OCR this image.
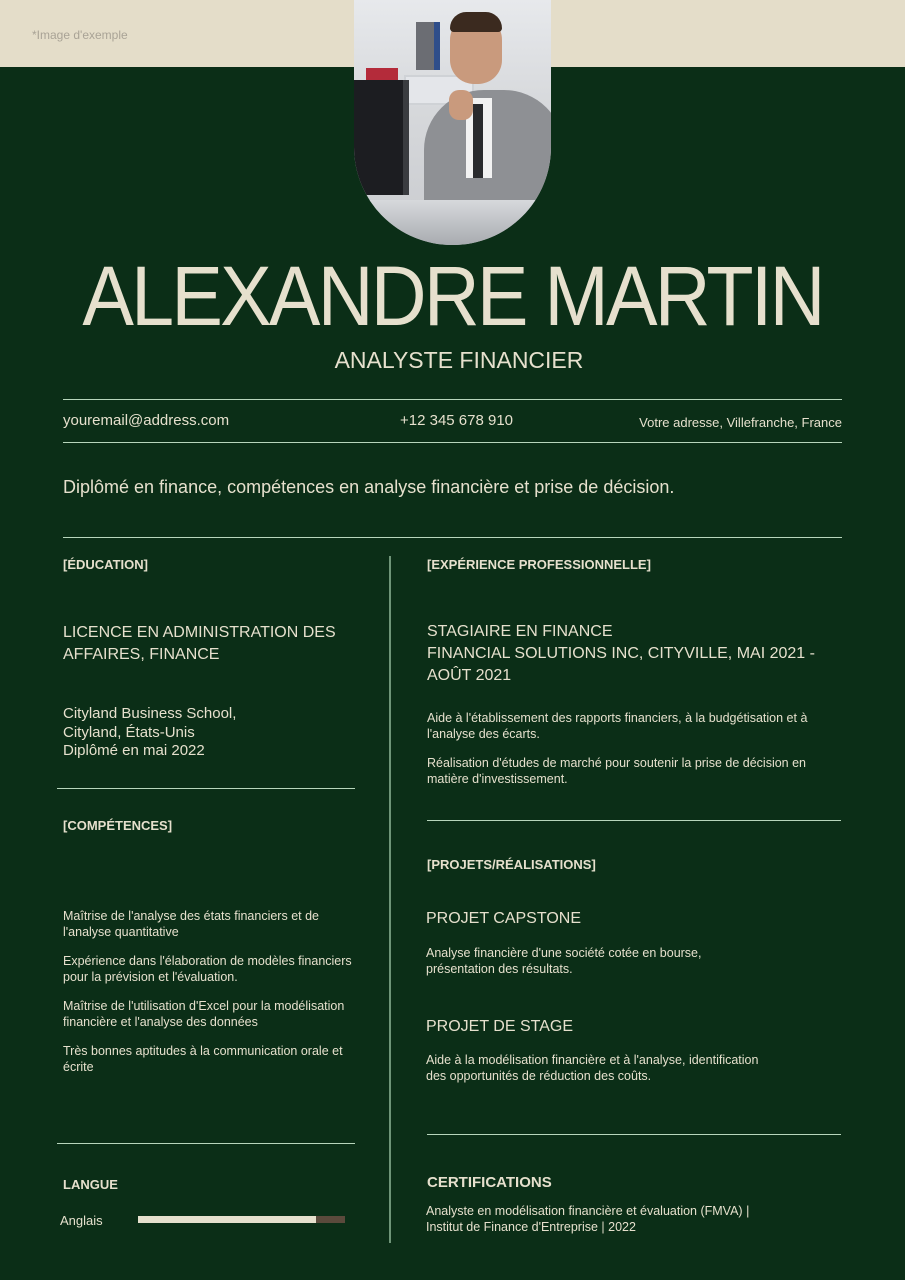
*Image d'exemple
ALEXANDRE MARTIN
ANALYSTE FINANCIER
youremail@address.com	+12 345 678 910	Votre adresse, Villefranche, France
Diplômé en finance, compétences en analyse financière et prise de décision.
[ÉDUCATION]
LICENCE EN ADMINISTRATION DES
AFFAIRES, FINANCE
Cityland Business School,
Cityland, États-Unis
Diplômé en mai 2022
[COMPÉTENCES]

Maîtrise de l'analyse des états financiers et de l'analyse quantitative

Expérience dans l'élaboration de modèles financiers pour la prévision et l'évaluation.

Maîtrise de l'utilisation d'Excel pour la modélisation financière et l'analyse des données

Très bonnes aptitudes à la communication orale et écrite

LANGUE
Anglais
[EXPÉRIENCE PROFESSIONNELLE]
STAGIAIRE EN FINANCE
FINANCIAL SOLUTIONS INC, CITYVILLE, MAI 2021 -
AOÛT 2021

Aide à l'établissement des rapports financiers, à la budgétisation et à l'analyse des écarts.

Réalisation d'études de marché pour soutenir la prise de décision en matière d'investissement.

[PROJETS/RÉALISATIONS]
PROJET CAPSTONE
Analyse financière d'une société cotée en bourse, présentation des résultats.
PROJET DE STAGE
Aide à la modélisation financière et à l'analyse, identification des opportunités de réduction des coûts.
CERTIFICATIONS
Analyste en modélisation financière et évaluation (FMVA) |
Institut de Finance d'Entreprise | 2022
